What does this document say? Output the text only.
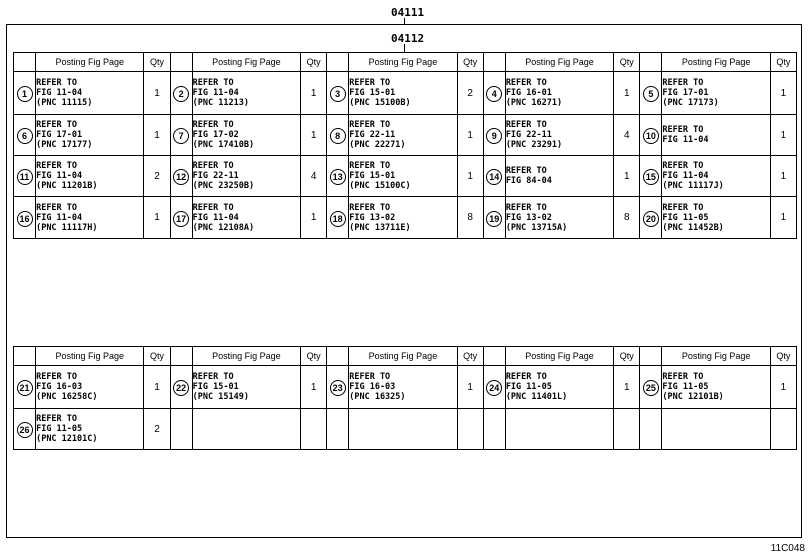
04111
04112
	Posting Fig Page	Qty		Posting Fig Page	Qty		Posting Fig Page	Qty		Posting Fig Page	Qty		Posting Fig Page	Qty
1	REFER TO
FIG 11-04
(PNC 11115)	1	2	REFER TO
FIG 11-04
(PNC 11213)	1	3	REFER TO
FIG 15-01
(PNC 15100B)	2	4	REFER TO
FIG 16-01
(PNC 16271)	1	5	REFER TO
FIG 17-01
(PNC 17173)	1
6	REFER TO
FIG 17-01
(PNC 17177)	1	7	REFER TO
FIG 17-02
(PNC 17410B)	1	8	REFER TO
FIG 22-11
(PNC 22271)	1	9	REFER TO
FIG 22-11
(PNC 23291)	4	10	REFER TO
FIG 11-04	1
11	REFER TO
FIG 11-04
(PNC 11201B)	2	12	REFER TO
FIG 22-11
(PNC 23250B)	4	13	REFER TO
FIG 15-01
(PNC 15100C)	1	14	REFER TO
FIG 84-04	1	15	REFER TO
FIG 11-04
(PNC 11117J)	1
16	REFER TO
FIG 11-04
(PNC 11117H)	1	17	REFER TO
FIG 11-04
(PNC 12108A)	1	18	REFER TO
FIG 13-02
(PNC 13711E)	8	19	REFER TO
FIG 13-02
(PNC 13715A)	8	20	REFER TO
FIG 11-05
(PNC 11452B)	1
	Posting Fig Page	Qty		Posting Fig Page	Qty		Posting Fig Page	Qty		Posting Fig Page	Qty		Posting Fig Page	Qty
21	REFER TO
FIG 16-03
(PNC 16258C)	1	22	REFER TO
FIG 15-01
(PNC 15149)	1	23	REFER TO
FIG 16-03
(PNC 16325)	1	24	REFER TO
FIG 11-05
(PNC 11401L)	1	25	REFER TO
FIG 11-05
(PNC 12101B)	1
26	REFER TO
FIG 11-05
(PNC 12101C)	2												
11C048
